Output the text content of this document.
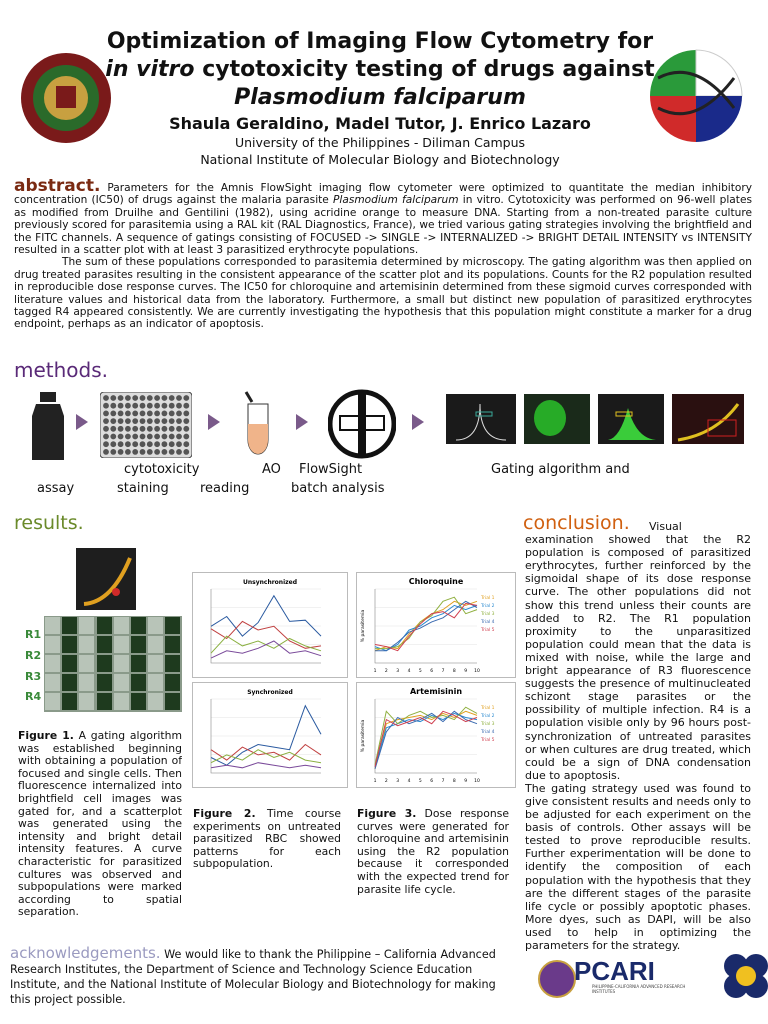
Optimization of Imaging Flow Cytometry for
in vitro cytotoxicity testing of drugs against
Plasmodium falciparum
Shaula Geraldino, Madel Tutor, J. Enrico Lazaro
University of the Philippines - Diliman Campus
National Institute of Molecular Biology and Biotechnology
abstract. Parameters for the Amnis FlowSight imaging flow cytometer were optimized to quantitate the median inhibitory concentration (IC50) of drugs against the malaria parasite Plasmodium falciparum in vitro. Cytotoxicity was performed on 96-well plates as modified from Druilhe and Gentilini (1982), using acridine orange to measure DNA. Starting from a non-treated parasite culture previously scored for parasitemia using a RAL kit (RAL Diagnostics, France), we tried various gating strategies involving the brightfield and the FITC channels. A sequence of gatings consisting of FOCUSED -> SINGLE -> INTERNALIZED -> BRIGHT DETAIL INTENSITY vs INTENSITY resulted in a scatter plot with at least 3 parasitized erythrocyte populations.
The sum of these populations corresponded to parasitemia determined by microscopy. The gating algorithm was then applied on drug treated parasites resulting in the consistent appearance of the scatter plot and its populations. Counts for the R2 population resulted in reproducible dose response curves. The IC50 for chloroquine and artemisinin determined from these sigmoid curves corresponded with literature values and historical data from the laboratory. Furthermore, a small but distinct new population of parasitized erythrocytes tagged R4 appeared consistently. We are currently investigating the hypothesis that this population might constitute a marker for a drug endpoint, perhaps as an indicator of apoptosis.
methods.
cytotoxicity	AO FlowSight	Gating algorithm and
assay	staining reading	batch analysis
results.
R1
R2
R3
R4
Figure 1. A gating algorithm was established beginning with obtaining a population of focused and single cells. Then fluorescence internalized into brightfield cell images was gated for, and a scatterplot was generated using the intensity and bright detail intensity features. A curve characteristic for parasitized cultures was observed and subpopulations were marked according to spatial separation.
Unsynchronized
Synchronized
Figure 2. Time course experiments on untreated parasitized RBC showed patterns for each subpopulation.
Chloroquine
% parasitemia
1 2 3 4 5 6 7 8 9 10
Trial 1
Trial 2
Trial 3
Trial 4
Trial 5
Artemisinin
% parasitemia
1 2 3 4 5 6 7 8 9 10
Trial 1
Trial 2
Trial 3
Trial 4
Trial 5
Figure 3. Dose response curves were generated for chloroquine and artemisinin using the R2 population because it corresponded with the expected trend for parasite life cycle.
conclusion.	Visual examination showed that the R2 population is composed of parasitized erythrocytes, further reinforced by the sigmoidal shape of its dose response curve. The other populations did not show this trend unless their counts are added to R2. The R1 population proximity to the unparasitized population could mean that the data is mixed with noise, while the large and bright appearance of R3 fluorescence suggests the presence of multinucleated schizont stage parasites or the possibility of multiple infection. R4 is a population visible only by 96 hours post-synchronization of untreated parasites or when cultures are drug treated, which could be a sign of DNA condensation due to apoptosis.
The gating strategy used was found to give consistent results and needs only to be adjusted for each experiment on the basis of controls. Other assays will be tested to prove reproducible results. Further experimentation will be done to identify the composition of each population with the hypothesis that they are the different stages of the parasite life cycle or possibly apoptotic phases. More dyes, such as DAPI, will be also used to help in optimizing the parameters for the strategy.
acknowledgements. We would like to thank the Philippine – California Advanced Research Institutes, the Department of Science and Technology Science Education Institute, and the National Institute of Molecular Biology and Biotechnology for making this project possible.
PCARI
PHILIPPINE-CALIFORNIA ADVANCED RESEARCH INSTITUTES
